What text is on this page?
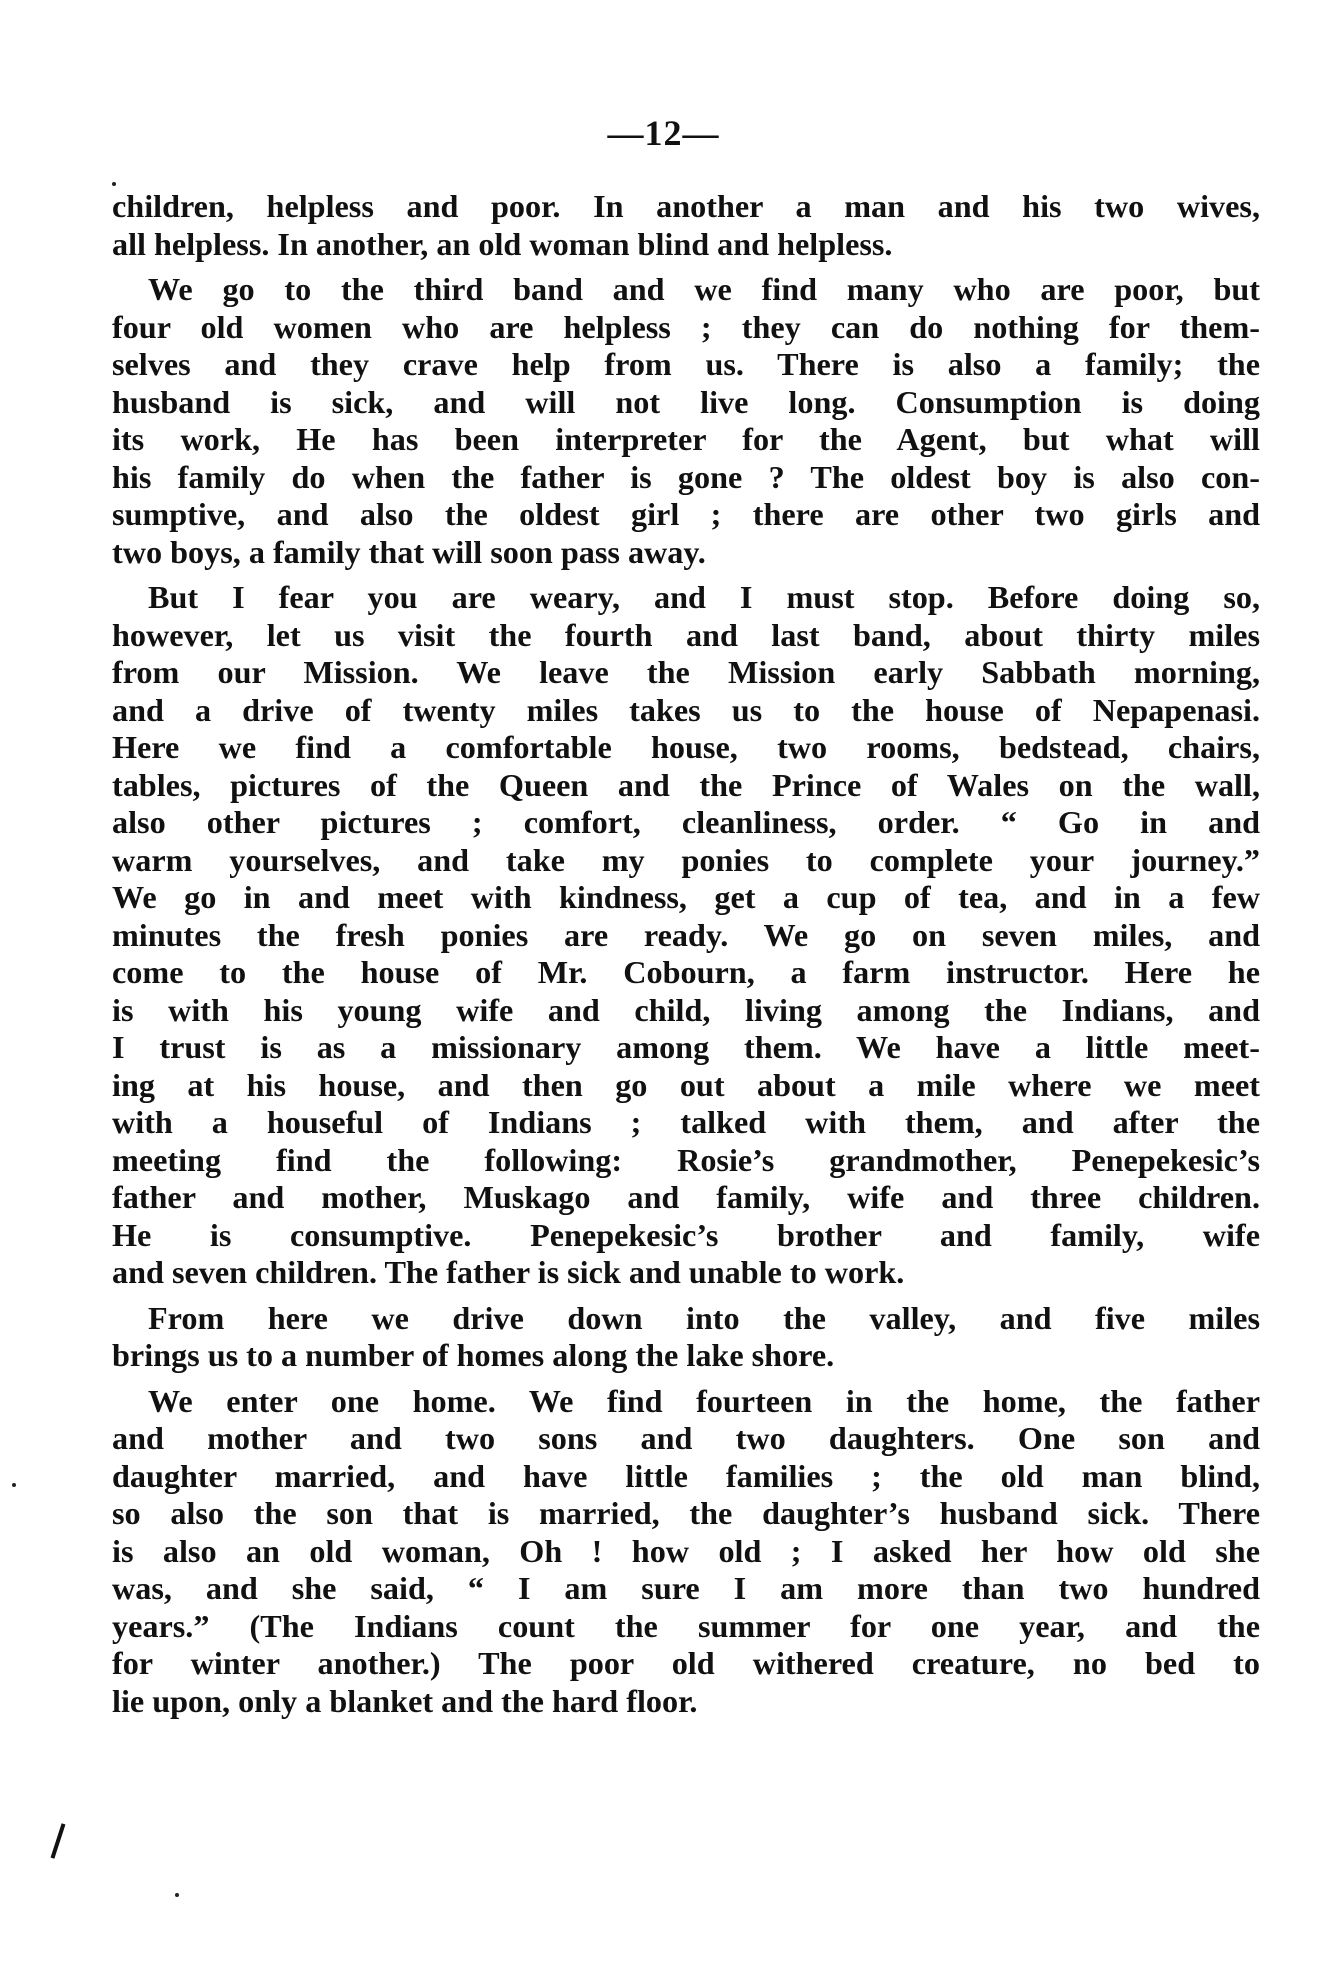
—12—

children, helpless and poor. In another a man and his two wives,
all helpless. In another, an old woman blind and helpless.

We go to the third band and we find many who are poor, but
four old women who are helpless ; they can do nothing for them-
selves and they crave help from us. There is also a family; the
husband is sick, and will not live long. Consumption is doing
its work, He has been interpreter for the Agent, but what will
his family do when the father is gone ? The oldest boy is also con-
sumptive, and also the oldest girl ; there are other two girls and
two boys, a family that will soon pass away.

But I fear you are weary, and I must stop. Before doing so,
however, let us visit the fourth and last band, about thirty miles
from our Mission. We leave the Mission early Sabbath morning,
and a drive of twenty miles takes us to the house of Nepapenasi.
Here we find a comfortable house, two rooms, bedstead, chairs,
tables, pictures of the Queen and the Prince of Wales on the wall,
also other pictures ; comfort, cleanliness, order. “ Go in and
warm yourselves, and take my ponies to complete your journey.”
We go in and meet with kindness, get a cup of tea, and in a few
minutes the fresh ponies are ready. We go on seven miles, and
come to the house of Mr. Cobourn, a farm instructor. Here he
is with his young wife and child, living among the Indians, and
I trust is as a missionary among them. We have a little meet-
ing at his house, and then go out about a mile where we meet
with a houseful of Indians ; talked with them, and after the
meeting find the following: Rosie’s grandmother, Penepekesic’s
father and mother, Muskago and family, wife and three children.
He is consumptive. Penepekesic’s brother and family, wife
and seven children. The father is sick and unable to work.

From here we drive down into the valley, and five miles
brings us to a number of homes along the lake shore.

We enter one home. We find fourteen in the home, the father
and mother and two sons and two daughters. One son and
daughter married, and have little families ; the old man blind,
so also the son that is married, the daughter’s husband sick. There
is also an old woman, Oh ! how old ; I asked her how old she
was, and she said, “ I am sure I am more than two hundred
years.” (The Indians count the summer for one year, and the
for winter another.) The poor old withered creature, no bed to
lie upon, only a blanket and the hard floor.
